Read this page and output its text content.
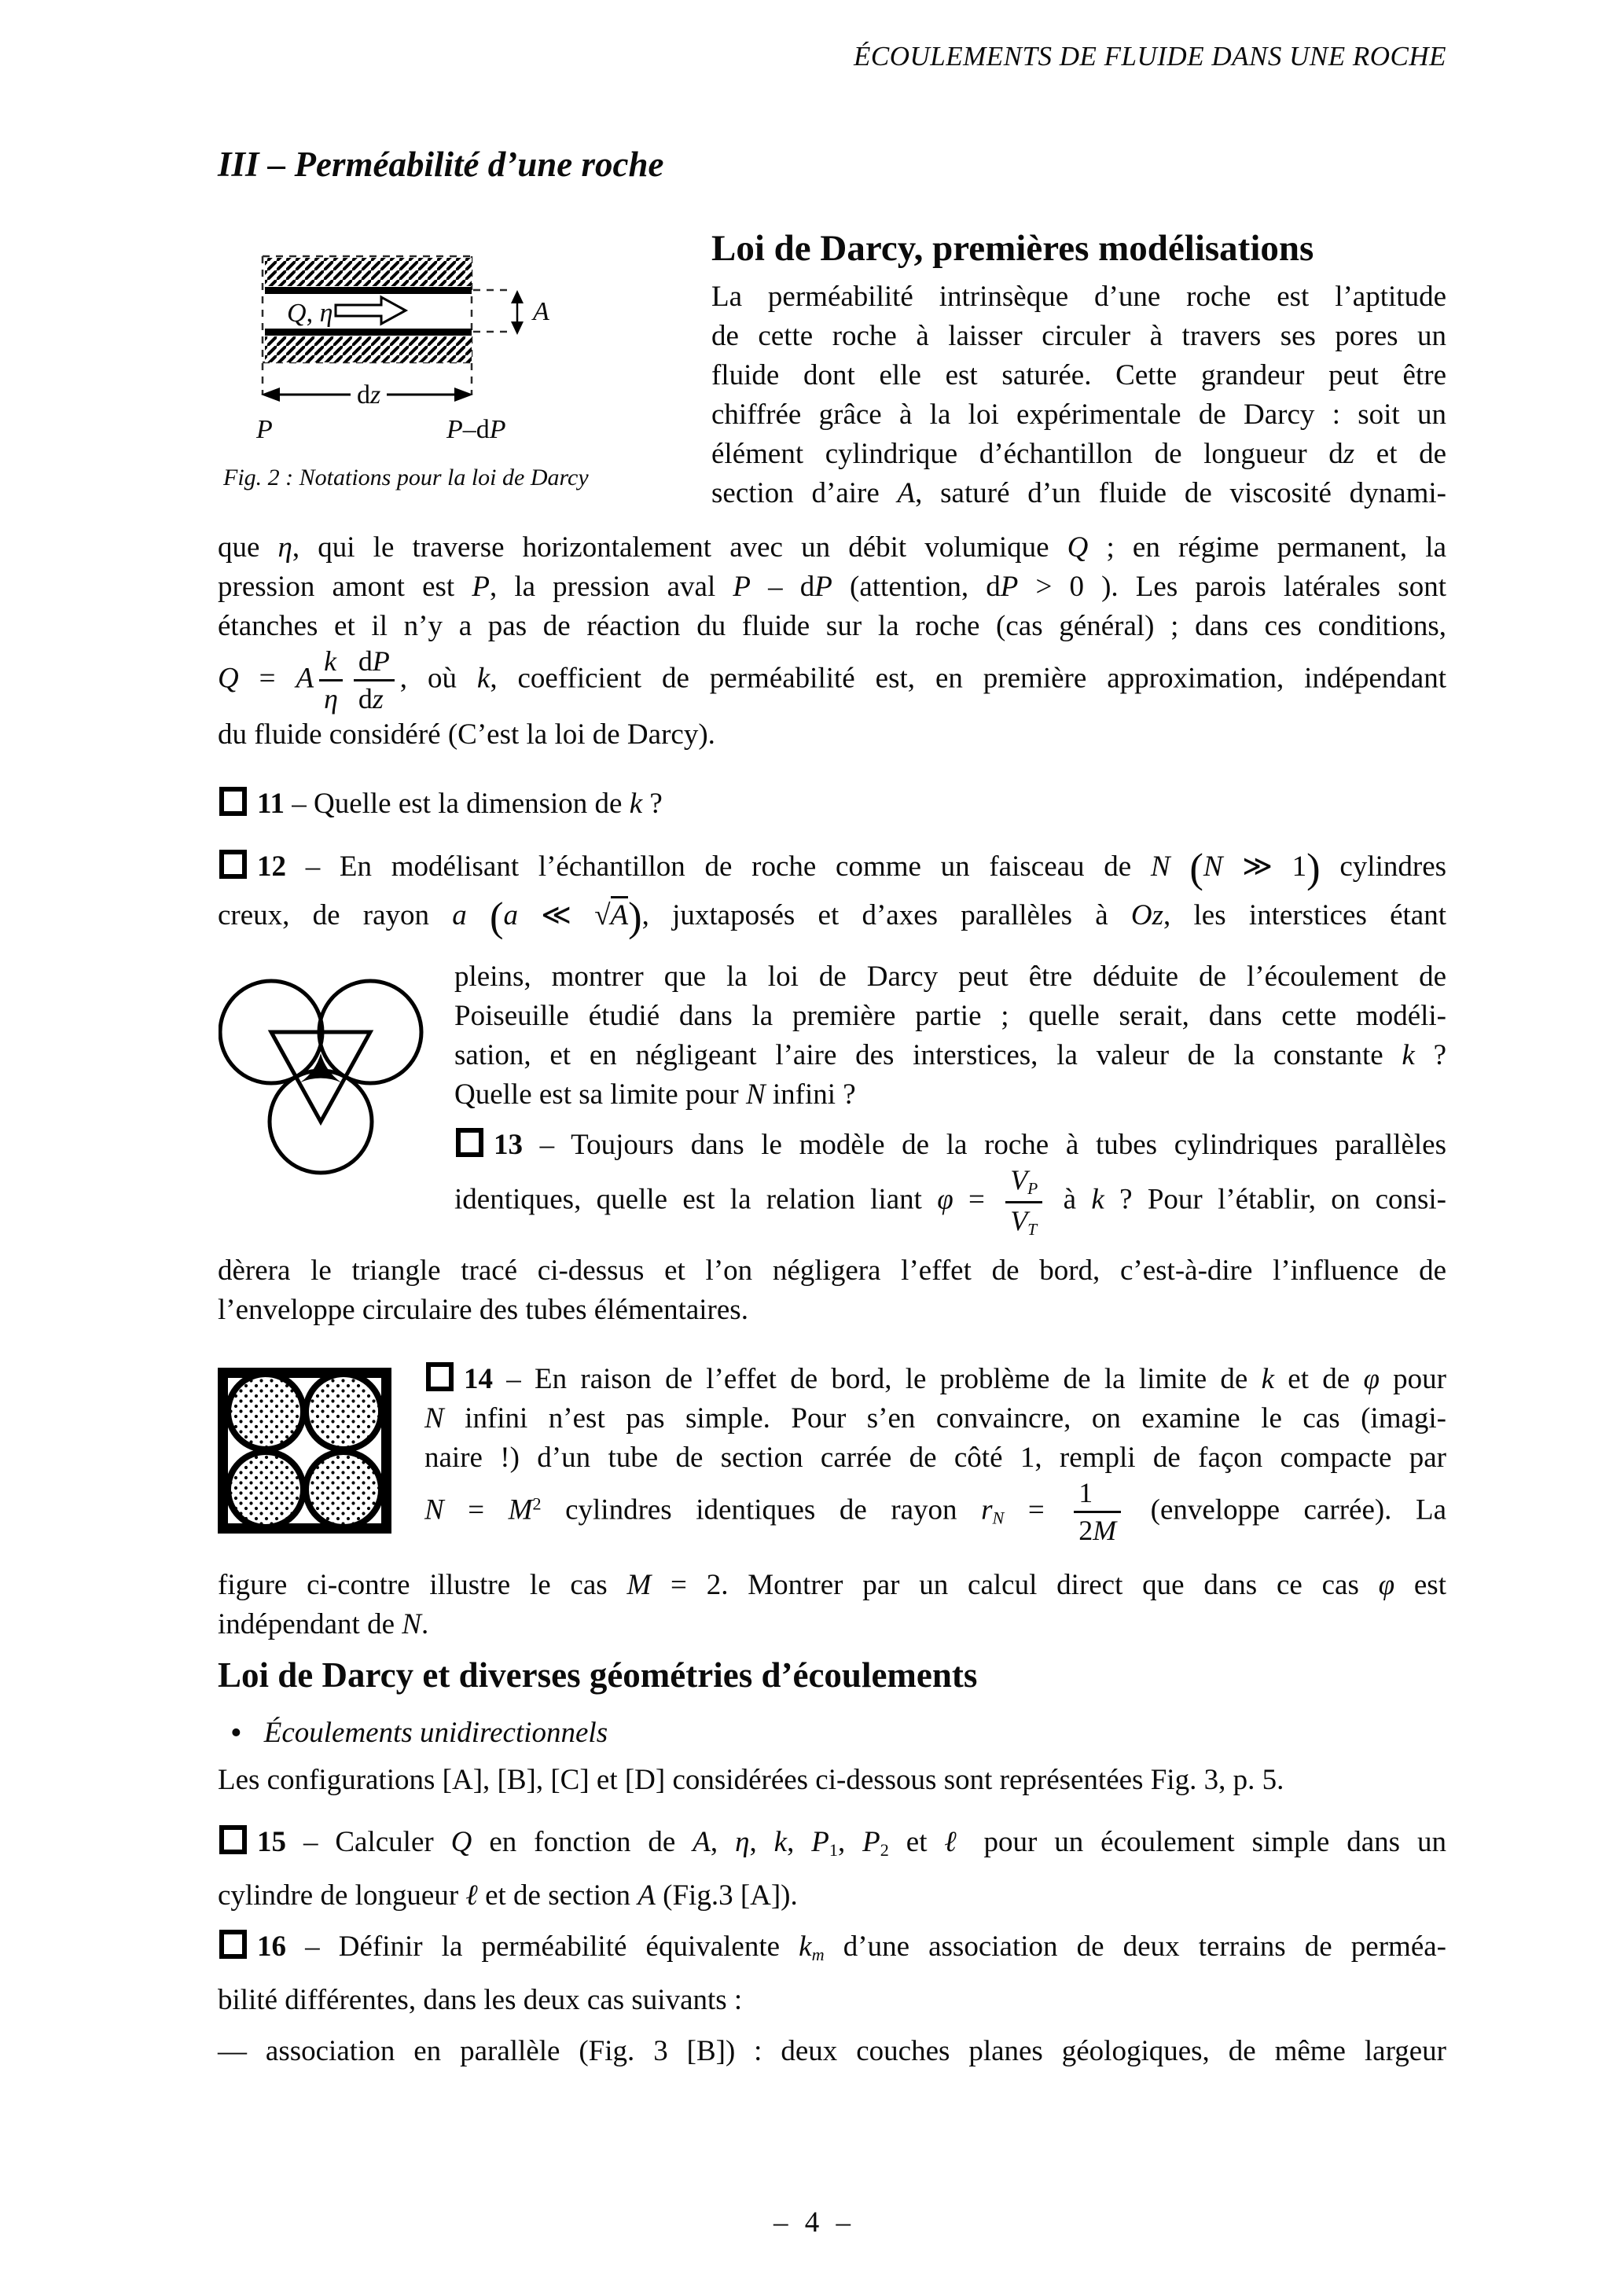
ÉCOULEMENTS DE FLUIDE DANS UNE ROCHE
III – Perméabilité d’une roche
Q, η	A
dz
P	P–dP
Fig. 2 : Notations pour la loi de Darcy
Loi de Darcy, premières modélisations
La perméabilité intrinsèque d’une roche est l’aptitude
de cette roche à laisser circuler à travers ses pores un
fluide dont elle est saturée. Cette grandeur peut être
chiffrée grâce à la loi expérimentale de Darcy : soit un
élément cylindrique d’échantillon de longueur dz et de
section d’aire A, saturé d’un fluide de viscosité dynami-
que η, qui le traverse horizontalement avec un débit volumique Q ; en régime permanent, la
pression amont est P, la pression aval P – dP (attention, dP > 0 ). Les parois latérales sont
étanches et il n’y a pas de réaction du fluide sur la roche (cas général) ; dans ces conditions,
Q = A $\frac{k}{\eta} \frac{dP}{dz}$ , où k, coefficient de perméabilité est, en première approximation, indépendant
du fluide considéré (C’est la loi de Darcy).
11 – Quelle est la dimension de k ?
12 – En modélisant l’échantillon de roche comme un faisceau de N (N ≫ 1) cylindres
creux, de rayon a (a ≪ √A), juxtaposés et d’axes parallèles à Oz, les interstices étant
pleins, montrer que la loi de Darcy peut être déduite de l’écoulement de
Poiseuille étudié dans la première partie ; quelle serait, dans cette modéli-
sation, et en négligeant l’aire des interstices, la valeur de la constante k ?
Quelle est sa limite pour N infini ?
13 – Toujours dans le modèle de la roche à tubes cylindriques parallèles
identiques, quelle est la relation liant $\varphi = \frac{VP}{VT}$ à k ? Pour l’établir, on consi-
dèrera le triangle tracé ci-dessus et l’on négligera l’effet de bord, c’est-à-dire l’influence de
l’enveloppe circulaire des tubes élémentaires.
14 – En raison de l’effet de bord, le problème de la limite de k et de φ pour
N infini n’est pas simple. Pour s’en convaincre, on examine le cas (imagi-
naire !) d’un tube de section carrée de côté 1, rempli de façon compacte par
$N = M^2$ cylindres identiques de rayon rN = $\frac{1}{2M}$ (enveloppe carrée). La
figure ci-contre illustre le cas M = 2. Montrer par un calcul direct que dans ce cas φ est
indépendant de N.
Loi de Darcy et diverses géométries d’écoulements
• Écoulements unidirectionnels
Les configurations [A], [B], [C] et [D] considérées ci-dessous sont représentées Fig. 3, p. 5.
15 – Calculer Q en fonction de A, η, k, P1, P2 et ℓ pour un écoulement simple dans un
cylindre de longueur ℓ et de section A (Fig.3 [A]).
16 – Définir la perméabilité équivalente km d’une association de deux terrains de perméa-
bilité différentes, dans les deux cas suivants :
— association en parallèle (Fig. 3 [B]) : deux couches planes géologiques, de même largeur
– 4 –
